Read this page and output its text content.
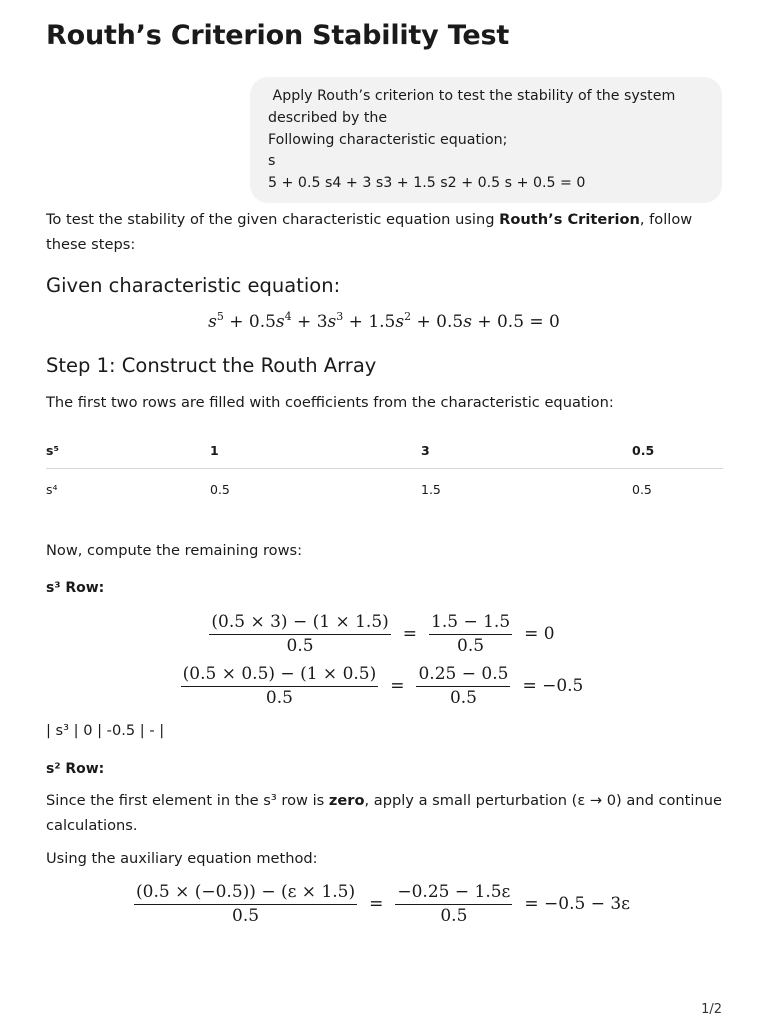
Routh’s Criterion Stability Test
Apply Routh’s criterion to test the stability of the system
described by the
Following characteristic equation;
s
5 + 0.5 s4 + 3 s3 + 1.5 s2 + 0.5 s + 0.5 = 0

To test the stability of the given characteristic equation using Routh’s Criterion, follow these steps:

Given characteristic equation:
$s^5 + 0.5s^4 + 3s^3 + 1.5s^2 + 0.5s + 0.5 = 0$
Step 1: Construct the Routh Array

The first two rows are filled with coefficients from the characteristic equation:

s⁵	1	3	0.5
s⁴	0.5	1.5	0.5

Now, compute the remaining rows:

s³ Row:

$\frac{(0.5 \times 3) - (1 \times 1.5)}{0.5} = \frac{1.5 - 1.5}{0.5} = 0$
$\frac{(0.5 \times 0.5) - (1 \times 0.5)}{0.5} = \frac{0.25 - 0.5}{0.5} = -0.5$

| s³ | 0 | -0.5 | - |

s² Row:

Since the first element in the s³ row is zero, apply a small perturbation (ε → 0) and continue calculations.

Using the auxiliary equation method:

$\frac{(0.5 \times (-0.5)) - (\varepsilon \times 1.5)}{0.5} = \frac{-0.25 - 1.5\varepsilon}{0.5} = -0.5 - 3\varepsilon$
1/2
